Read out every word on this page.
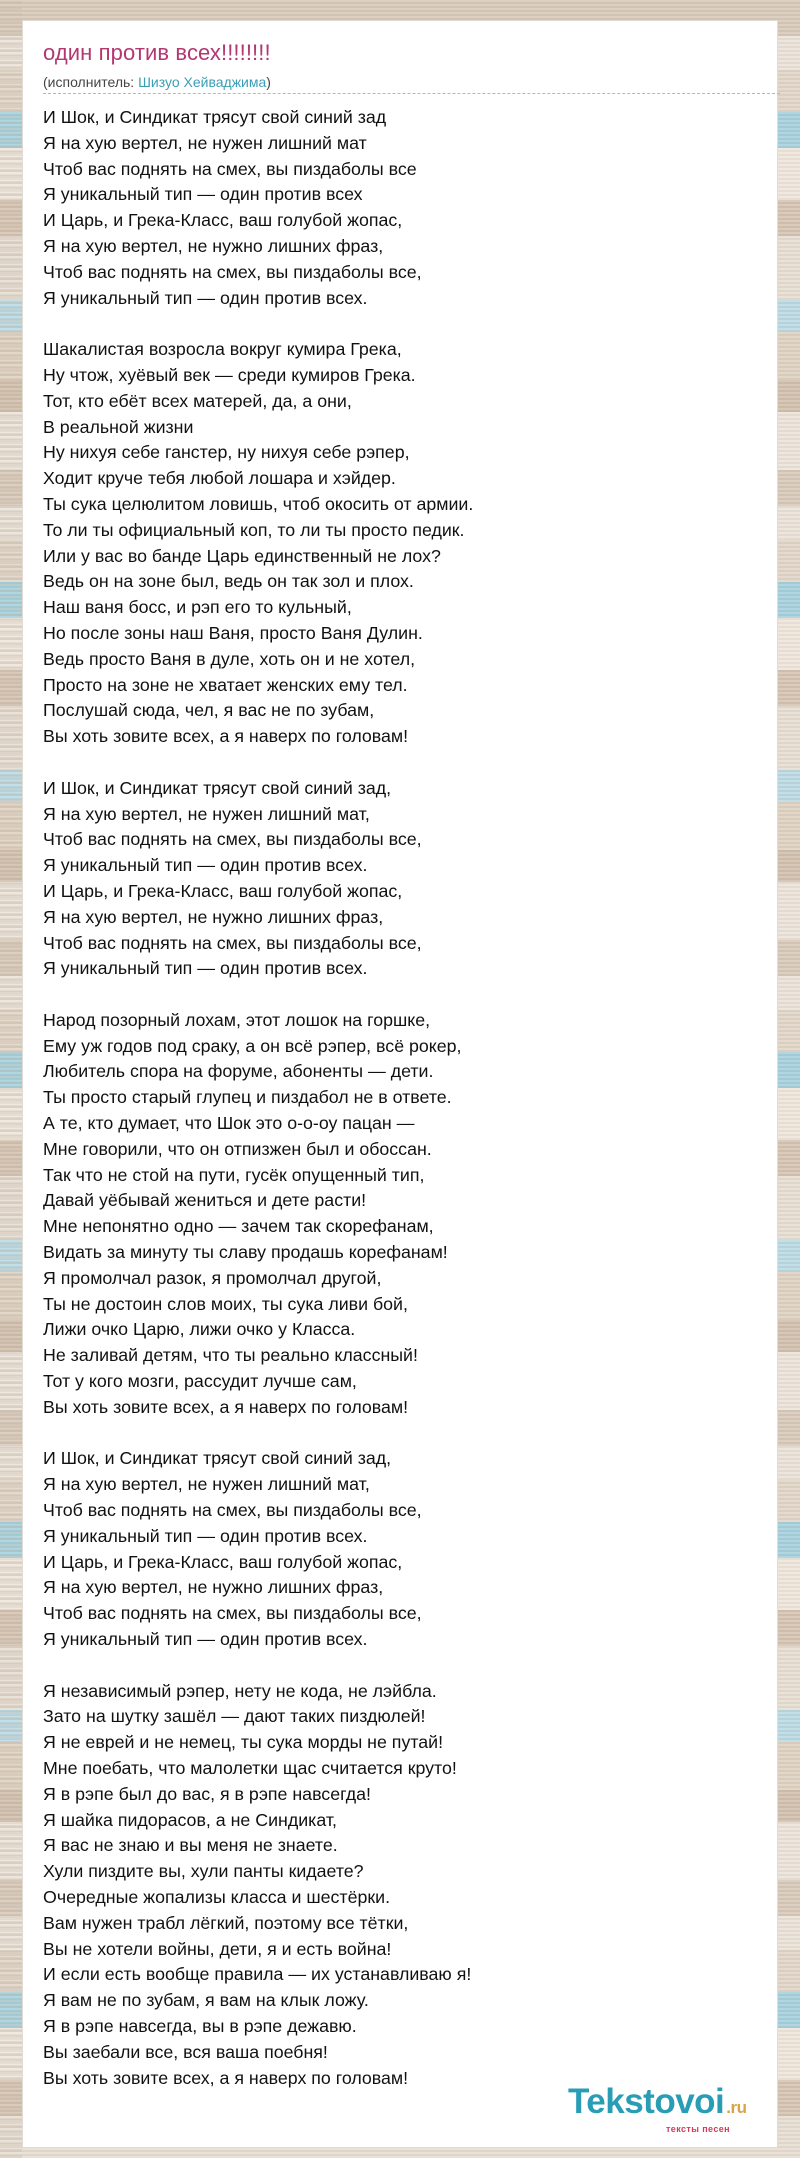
один против всех!!!!!!!!
(исполнитель: Шизуо Хейваджима)
И Шок, и Синдикат трясут свой синий зад
Я на хую вертел, не нужен лишний мат
Чтоб вас поднять на смех, вы пиздаболы все
Я уникальный тип — один против всех
И Царь, и Грека-Класс, ваш голубой жопас,
Я на хую вертел, не нужно лишних фраз,
Чтоб вас поднять на смех, вы пиздаболы все,
Я уникальный тип — один против всех.
Шакалистая возросла вокруг кумира Грека,
Ну чтож, хуёвый век — среди кумиров Грека.
Тот, кто ебёт всех матерей, да, а они,
В реальной жизни
Ну нихуя себе ганстер, ну нихуя себе рэпер,
Ходит круче тебя любой лошара и хэйдер.
Ты сука целюлитом ловишь, чтоб окосить от армии.
То ли ты официальный коп, то ли ты просто педик.
Или у вас во банде Царь единственный не лох?
Ведь он на зоне был, ведь он так зол и плох.
Наш ваня босс, и рэп его то кульный,
Но после зоны наш Ваня, просто Ваня Дулин.
Ведь просто Ваня в дуле, хоть он и не хотел,
Просто на зоне не хватает женских ему тел.
Послушай сюда, чел, я вас не по зубам,
Вы хоть зовите всех, а я наверх по головам!
И Шок, и Синдикат трясут свой синий зад,
Я на хую вертел, не нужен лишний мат,
Чтоб вас поднять на смех, вы пиздаболы все,
Я уникальный тип — один против всех.
И Царь, и Грека-Класс, ваш голубой жопас,
Я на хую вертел, не нужно лишних фраз,
Чтоб вас поднять на смех, вы пиздаболы все,
Я уникальный тип — один против всех.
Народ позорный лохам, этот лошок на горшке,
Ему уж годов под сраку, а он всё рэпер, всё рокер,
Любитель спора на форуме, абоненты — дети.
Ты просто старый глупец и пиздабол не в ответе.
А те, кто думает, что Шок это о-о-оу пацан —
Мне говорили, что он отпизжен был и обоссан.
Так что не стой на пути, гусёк опущенный тип,
Давай уёбывай жениться и дете расти!
Мне непонятно одно — зачем так скорефанам,
Видать за минуту ты славу продашь корефанам!
Я промолчал разок, я промолчал другой,
Ты не достоин слов моих, ты сука ливи бой,
Лижи очко Царю, лижи очко у Класса.
Не заливай детям, что ты реально классный!
Тот у кого мозги, рассудит лучше сам,
Вы хоть зовите всех, а я наверх по головам!
И Шок, и Синдикат трясут свой синий зад,
Я на хую вертел, не нужен лишний мат,
Чтоб вас поднять на смех, вы пиздаболы все,
Я уникальный тип — один против всех.
И Царь, и Грека-Класс, ваш голубой жопас,
Я на хую вертел, не нужно лишних фраз,
Чтоб вас поднять на смех, вы пиздаболы все,
Я уникальный тип — один против всех.
Я независимый рэпер, нету не кода, не лэйбла.
Зато на шутку зашёл — дают таких пиздюлей!
Я не еврей и не немец, ты сука морды не путай!
Мне поебать, что малолетки щас считается круто!
Я в рэпе был до вас, я в рэпе навсегда!
Я шайка пидорасов, а не Синдикат,
Я вас не знаю и вы меня не знаете.
Хули пиздите вы, хули панты кидаете?
Очередные жопализы класса и шестёрки.
Вам нужен трабл лёгкий, поэтому все тётки,
Вы не хотели войны, дети, я и есть война!
И если есть вообще правила — их устанавливаю я!
Я вам не по зубам, я вам на клык ложу.
Я в рэпе навсегда, вы в рэпе дежавю.
Вы заебали все, вся ваша поебня!
Вы хоть зовите всех, а я наверх по головам!
Tekstovoi .ru
тексты песен
